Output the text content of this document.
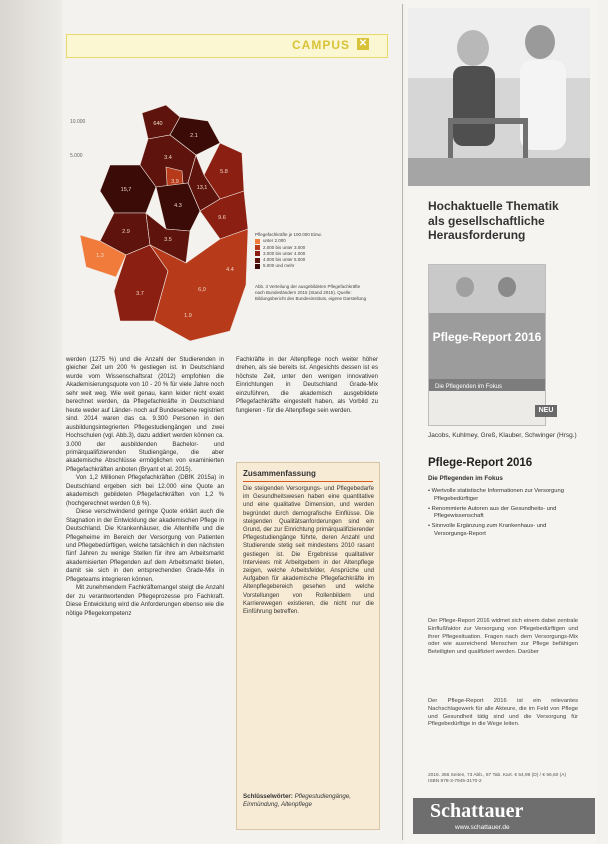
CAMPUS ✕
640
2.1
5.8
3.4
13,1
3,9
15,7
9.6
4.3
2.9
3.5
1,3
3.7
6,0
4.4
1.9
10.000
5.000
Pflegefachkräfte je 100.000 Einw.
unter 2.000
2.000 bis unter 3.000
3.000 bis unter 4.000
4.000 bis unter 5.000
5.000 und mehr
Abb. 3 Verteilung der ausgebildeten Pflegefachkräfte nach Bundesländern 2015 (Stand 2015). Quelle: Bildungsbericht des Bundesinstituts, eigene Darstellung

werden (1275 %) und die Anzahl der Studierenden in gleicher Zeit um 200 % gestiegen ist. In Deutschland wurde vom Wissenschaftsrat (2012) empfohlen die Akademisierungsquote von 10 - 20 % für viele Jahre noch sehr weit weg. Wie weit genau, kann leider nicht exakt berechnet werden, da Pflegefachkräfte in Deutschland heute weder auf Länder- noch auf Bundesebene registriert sind. 2014 waren das ca. 9.300 Personen in den ausbildungsintegrierten Pflegestudiengängen und zwei Hochschulen (vgl. Abb.3), dazu addiert werden können ca. 3.000 der ausbildenden Bachelor- und primärqualifizierenden Studiengänge, die aber akademische Abschlüsse ermöglichen von examinierten Pflegefachkräften anboten (Bryant et al. 2015).

Von 1,2 Millionen Pflegefachkräften (DBfK 2015a) in Deutschland ergeben sich bei 12.000 eine Quote an akademisch gebildeten Pflegefachkräften von 1,2 % (hochgerechnet werden 0,6 %).

Diese verschwindend geringe Quote erklärt auch die Stagnation in der Entwicklung der akademischen Pflege in Deutschland. Die Krankenhäuser, die Altenhilfe und die Pflegeheime im Bereich der Versorgung von Patienten und Pflegebedürftigen, welche tatsächlich in den nächsten fünf Jahren zu wenige Stellen für ihre am Arbeitsmarkt akademisierten Pflegenden auf dem Arbeitsmarkt bieten, damit sie sich in den entsprechenden Grade-Mix in Pflegeteams integrieren können.

Mit zunehmendem Fachkräftemangel steigt die Anzahl der zu verantwortenden Pflegeprozesse pro Fachkraft. Diese Entwicklung wird die Anforderungen ebenso wie die nötige Pflegekompetenz

Fachkräfte in der Altenpflege noch weiter höher drehen, als sie bereits ist. Angesichts dessen ist es höchste Zeit, unter den wenigen innovativen Einrichtungen in Deutschland Grade-Mix einzuführen, die akademisch ausgebildete Pflegefachkräfte eingestellt haben, als Vorbild zu fungieren - für die Altenpflege sein werden.

Zusammenfassung
Die steigenden Versorgungs- und Pflegebedarfe im Gesundheitswesen haben eine quantitative und eine qualitative Dimension, und werden begründet durch demografische Einflüsse. Die steigenden Qualitätsanforderungen sind ein Grund, der zur Einrichtung primärqualifizierender Pflegestudiengänge führte, deren Anzahl und Studierende stetig seit mindestens 2010 rasant gestiegen ist. Die Ergebnisse qualitativer Interviews mit Arbeitgebern in der Altenpflege zeigen, welche Arbeitsfelder, Ansprüche und Aufgaben für akademische Pflegefachkräfte im Altenpflegebereich gesehen und welche Vorstellungen von Rollenbildern und Karrierewegen existieren, die nicht nur die Einführung betreffen.
Schlüsselwörter: Pflegestudiengänge, Einmündung, Altenpflege
Hochaktuelle Thematik als gesellschaftliche Herausforderung
Pflege-Report 2016
Die Pflegenden im Fokus
NEU
Jacobs, Kuhlmey, Greß, Klauber, Schwinger (Hrsg.)
Pflege-Report 2016
Die Pflegenden im Fokus
• Wertvolle statistische Informationen zur Versorgung Pflegebedürftiger
• Renommierte Autoren aus der Gesundheits- und Pflegewissenschaft
• Sinnvolle Ergänzung zum Krankenhaus- und Versorgungs-Report
Der Pflege-Report 2016 widmet sich einem dabei zentrale Einflußfaktor zur Versorgung von Pflegebedürftigen und ihrer Pflegesituation. Fragen nach dem Versorgungs-Mix oder wie ausreichend Menschen zur Pflege befähigen Beteiligten und qualifiziert werden. Darüber
Der Pflege-Report 2016 ist ein relevantes Nachschlagewerk für alle Akteure, die im Feld von Pflege und Gesundheit tätig sind und die Versorgung für Pflegebedürftige in die Wege leiten.
2016. 366 Seiten, 73 Abb., 87 Tab. Kart. € 54,99 (D) / € 56,60 (A) ISBN 978-3-7945-3170-2
Schattauer
www.schattauer.de
